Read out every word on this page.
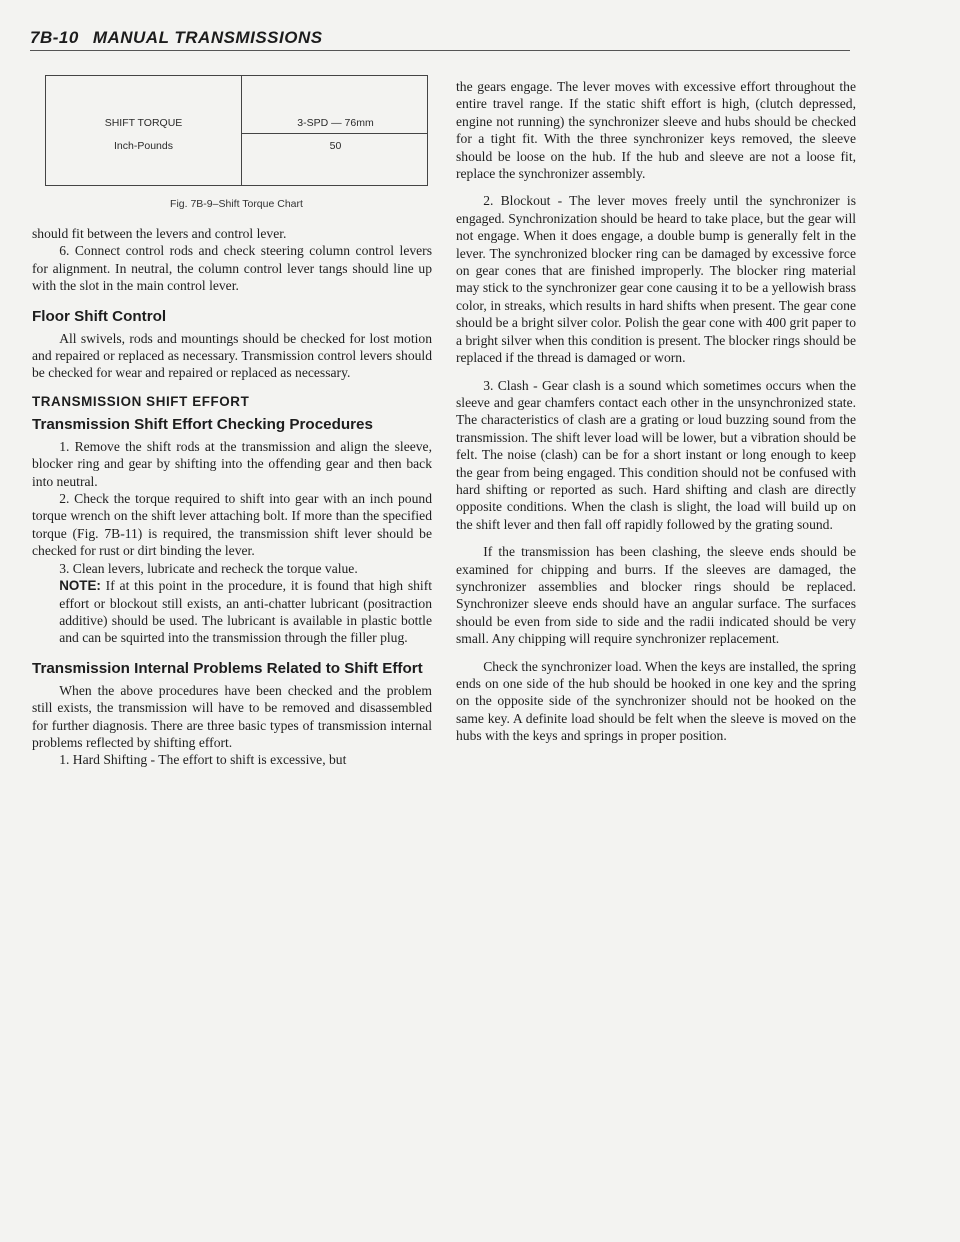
7B-10 MANUAL TRANSMISSIONS
SHIFT TORQUE
Inch-Pounds
3-SPD — 76mm
50
Fig. 7B-9–Shift Torque Chart

should fit between the levers and control lever.

6. Connect control rods and check steering column control levers for alignment. In neutral, the column control lever tangs should line up with the slot in the main control lever.

Floor Shift Control

All swivels, rods and mountings should be checked for lost motion and repaired or replaced as necessary. Transmission control levers should be checked for wear and repaired or replaced as necessary.

TRANSMISSION SHIFT EFFORT
Transmission Shift Effort Checking Procedures

1. Remove the shift rods at the transmission and align the sleeve, blocker ring and gear by shifting into the offending gear and then back into neutral.

2. Check the torque required to shift into gear with an inch pound torque wrench on the shift lever attaching bolt. If more than the specified torque (Fig. 7B-11) is required, the transmission shift lever should be checked for rust or dirt binding the lever.

3. Clean levers, lubricate and recheck the torque value.

NOTE: If at this point in the procedure, it is found that high shift effort or blockout still exists, an anti-chatter lubricant (positraction additive) should be used. The lubricant is available in plastic bottle and can be squirted into the transmission through the filler plug.

Transmission Internal Problems Related to Shift Effort

When the above procedures have been checked and the problem still exists, the transmission will have to be removed and disassembled for further diagnosis. There are three basic types of transmission internal problems reflected by shifting effort.

1. Hard Shifting - The effort to shift is excessive, but

the gears engage. The lever moves with excessive effort throughout the entire travel range. If the static shift effort is high, (clutch depressed, engine not running) the synchronizer sleeve and hubs should be checked for a tight fit. With the three synchronizer keys removed, the sleeve should be loose on the hub. If the hub and sleeve are not a loose fit, replace the synchronizer assembly.

2. Blockout - The lever moves freely until the synchronizer is engaged. Synchronization should be heard to take place, but the gear will not engage. When it does engage, a double bump is generally felt in the lever. The synchronized blocker ring can be damaged by excessive force on gear cones that are finished improperly. The blocker ring material may stick to the synchronizer gear cone causing it to be a yellowish brass color, in streaks, which results in hard shifts when present. The gear cone should be a bright silver color. Polish the gear cone with 400 grit paper to a bright silver when this condition is present. The blocker rings should be replaced if the thread is damaged or worn.

3. Clash - Gear clash is a sound which sometimes occurs when the sleeve and gear chamfers contact each other in the unsynchronized state. The characteristics of clash are a grating or loud buzzing sound from the transmission. The shift lever load will be lower, but a vibration should be felt. The noise (clash) can be for a short instant or long enough to keep the gear from being engaged. This condition should not be confused with hard shifting or reported as such. Hard shifting and clash are directly opposite conditions. When the clash is slight, the load will build up on the shift lever and then fall off rapidly followed by the grating sound.

If the transmission has been clashing, the sleeve ends should be examined for chipping and burrs. If the sleeves are damaged, the synchronizer assemblies and blocker rings should be replaced. Synchronizer sleeve ends should have an angular surface. The surfaces should be even from side to side and the radii indicated should be very small. Any chipping will require synchronizer replacement.

Check the synchronizer load. When the keys are installed, the spring ends on one side of the hub should be hooked in one key and the spring on the opposite side of the synchronizer should not be hooked on the same key. A definite load should be felt when the sleeve is moved on the hubs with the keys and springs in proper position.
